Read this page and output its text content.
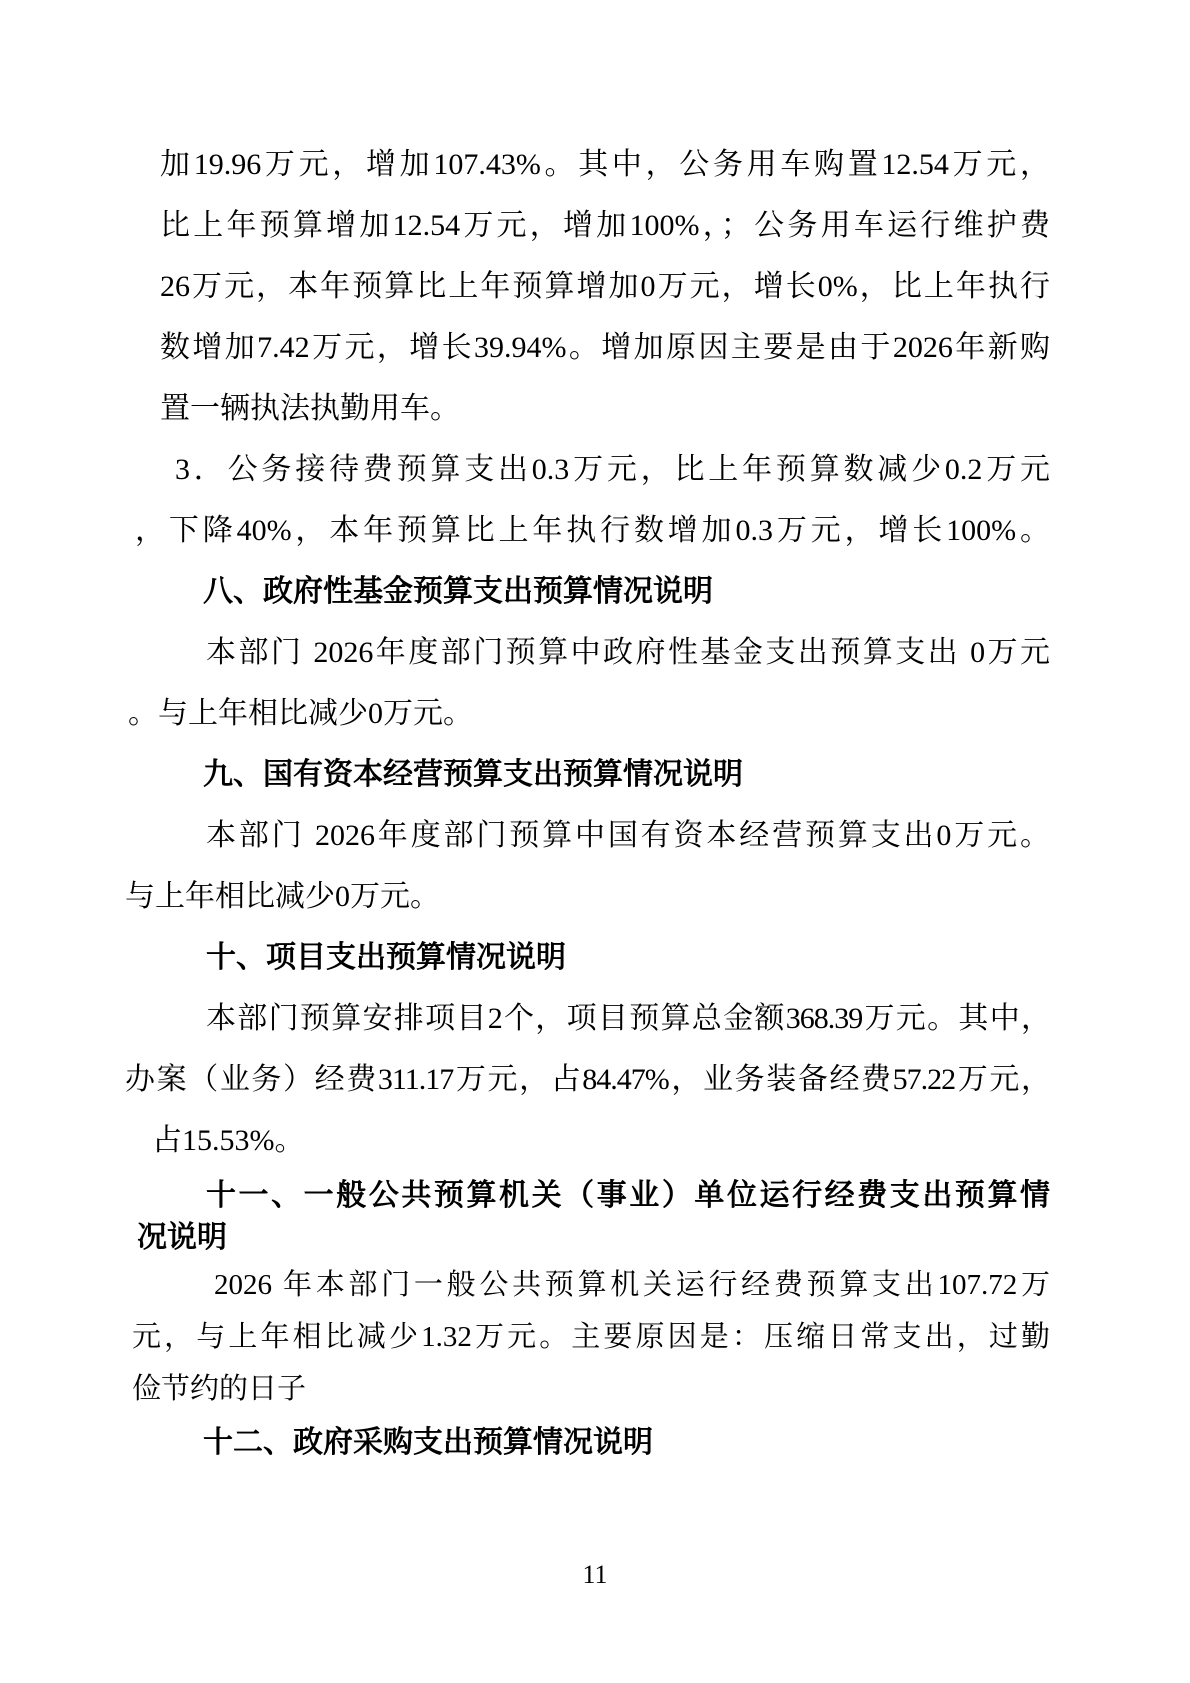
加19.96万元，增加107.43%。其中，公务用车购置12.54万元，
比上年预算增加12.54万元，增加100%，；公务用车运行维护费
26万元，本年预算比上年预算增加0万元，增长0%，比上年执行
数增加7.42万元，增长39.94%。增加原因主要是由于2026年新购
置一辆执法执勤用车。
3．公务接待费预算支出0.3万元，比上年预算数减少0.2万元
，下降40%，本年预算比上年执行数增加0.3万元，增长100%。
八、政府性基金预算支出预算情况说明
本部门 2026年度部门预算中政府性基金支出预算支出 0万元
。与上年相比减少0万元。
九、国有资本经营预算支出预算情况说明
本部门 2026年度部门预算中国有资本经营预算支出0万元。
与上年相比减少0万元。
十、项目支出预算情况说明
本部门预算安排项目2个，项目预算总金额368.39万元。其中，
办案（业务）经费311.17万元，占84.47%，业务装备经费57.22万元，
占15.53%。
十一、一般公共预算机关（事业）单位运行经费支出预算情
况说明
2026 年本部门一般公共预算机关运行经费预算支出107.72万
元，与上年相比减少1.32万元。主要原因是：压缩日常支出，过勤
俭节约的日子
十二、政府采购支出预算情况说明
11
